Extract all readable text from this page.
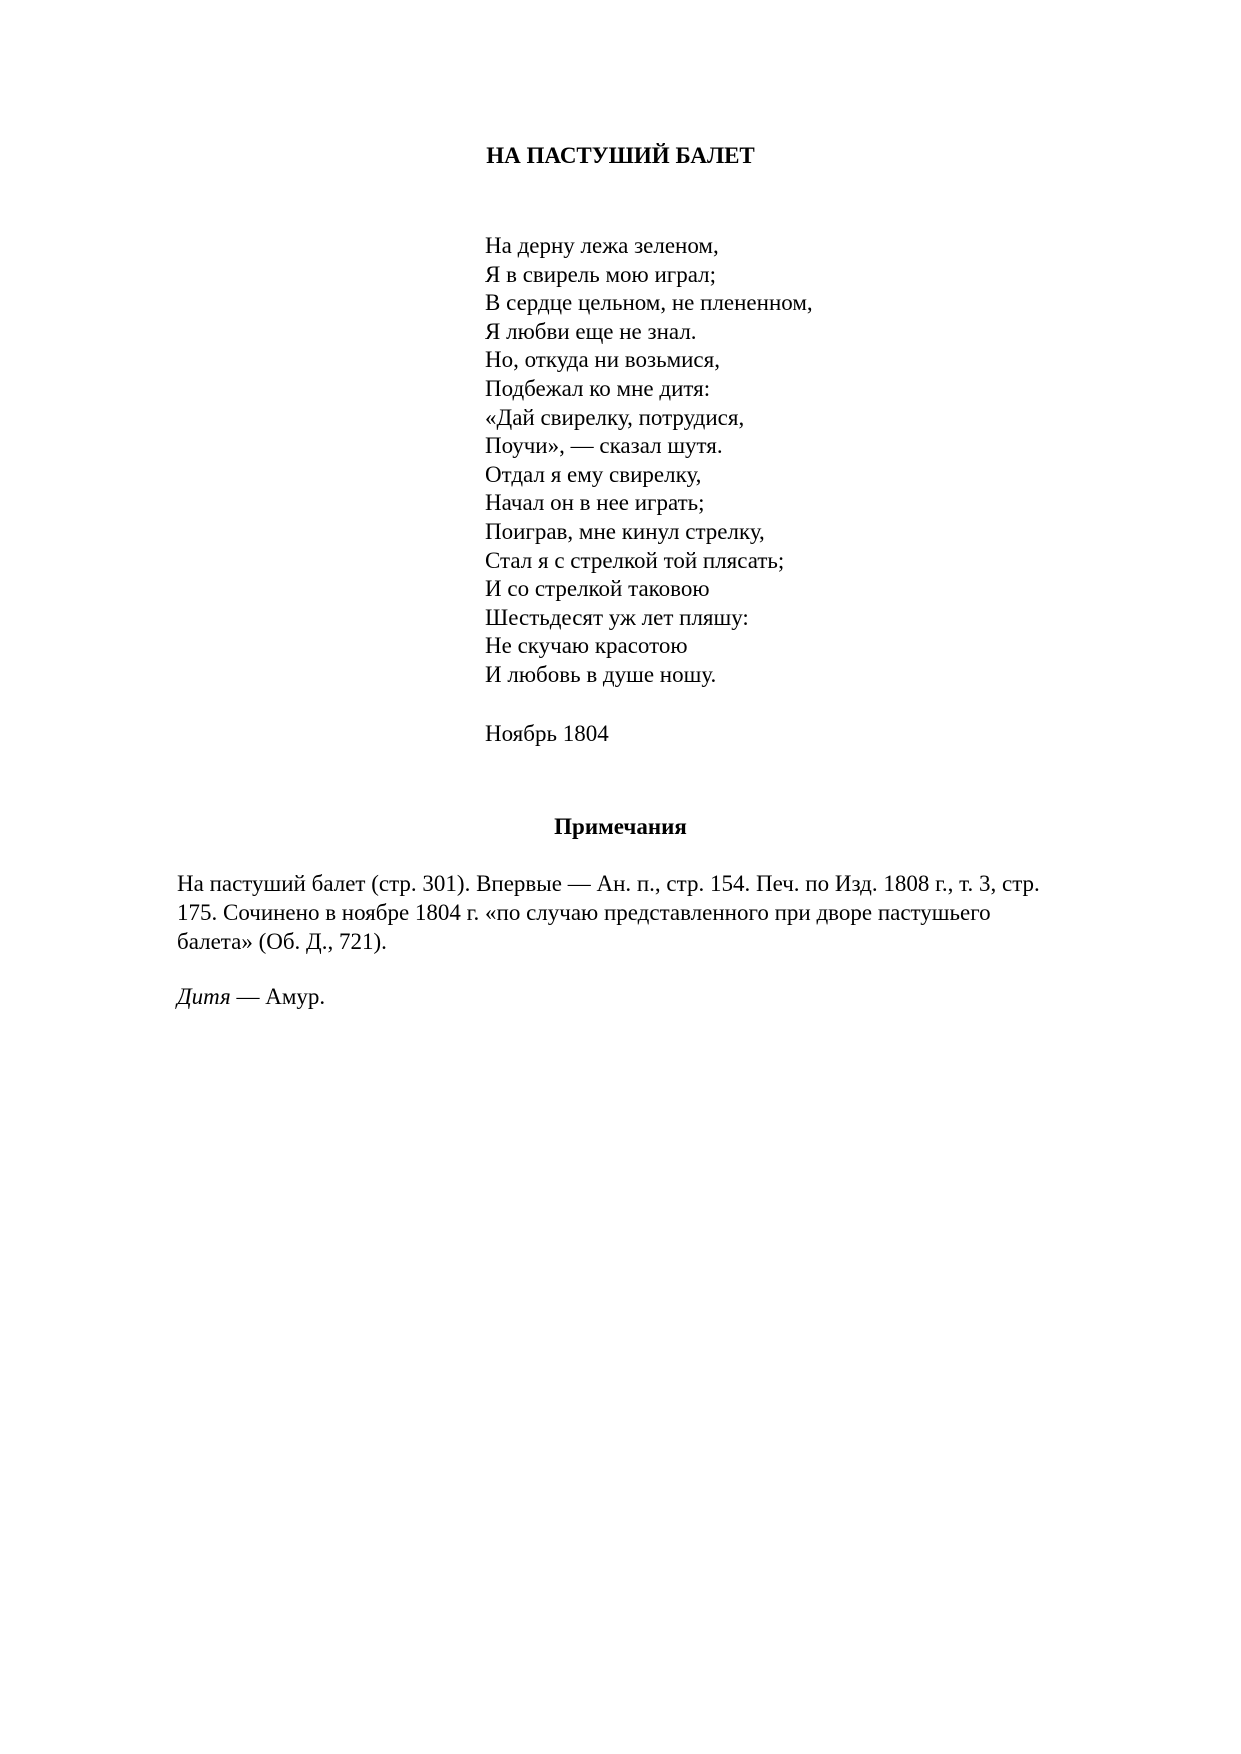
НА ПАСТУШИЙ БАЛЕТ
На дерну лежа зеленом,
Я в свирель мою играл;
В сердце цельном, не плененном,
Я любви еще не знал.
Но, откуда ни возьмися,
Подбежал ко мне дитя:
«Дай свирелку, потрудися,
Поучи», — сказал шутя.
Отдал я ему свирелку,
Начал он в нее играть;
Поиграв, мне кинул стрелку,
Стал я с стрелкой той плясать;
И со стрелкой таковою
Шестьдесят уж лет пляшу:
Не скучаю красотою
И любовь в душе ношу.

Ноябрь 1804

Примечания

На пастуший балет (стр. 301). Впервые — Ан. п., стр. 154. Печ. по Изд. 1808 г., т. 3, стр.
175. Сочинено в ноябре 1804 г. «по случаю представленного при дворе пастушьего
балета» (Об. Д., 721).

Дитя — Амур.
